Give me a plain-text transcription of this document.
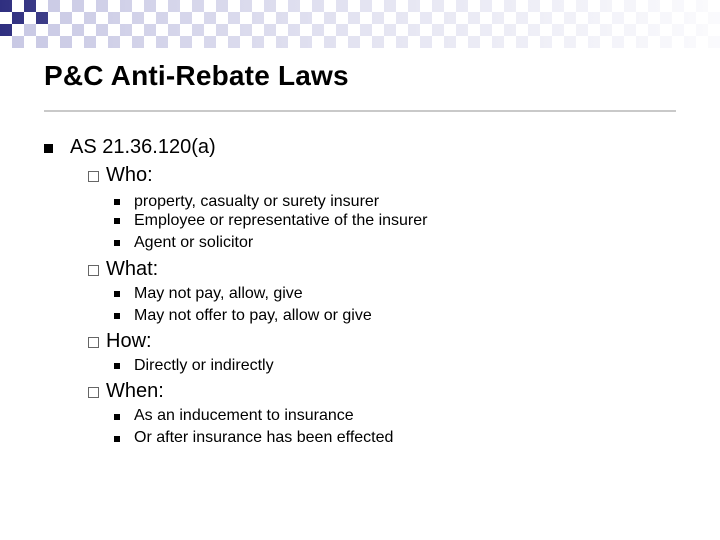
P&C Anti-Rebate Laws
AS 21.36.120(a)
Who:
property, casualty or surety insurer
Employee or representative of the insurer
Agent or solicitor
What:
May not pay, allow, give
May not offer to pay, allow or give
How:
Directly or indirectly
When:
As an inducement to insurance
Or after insurance has been effected
